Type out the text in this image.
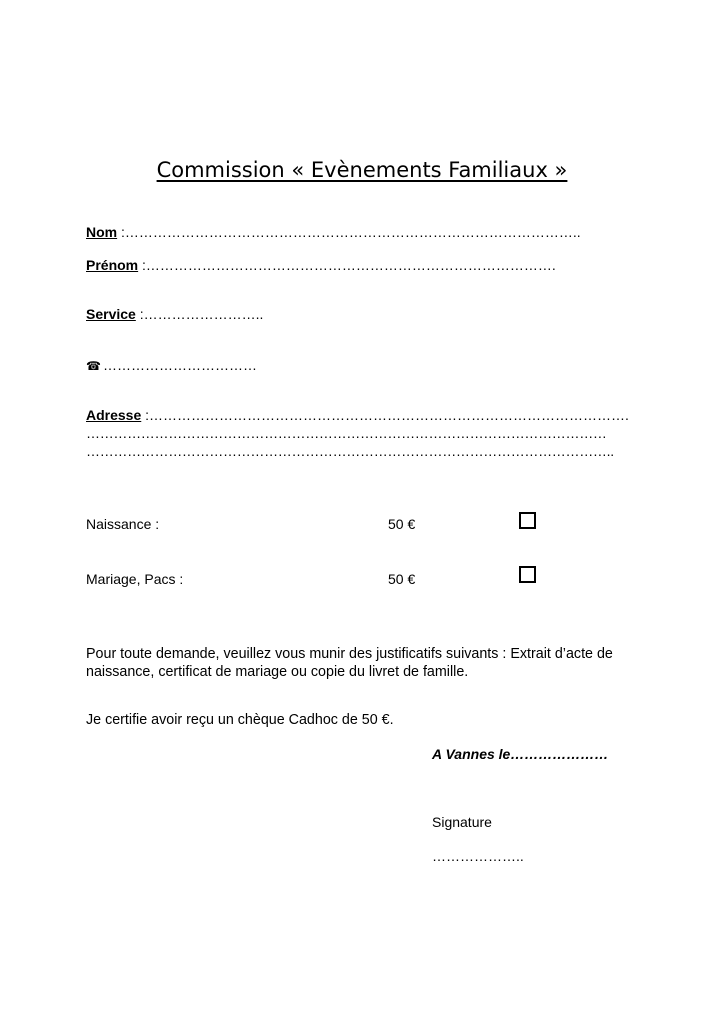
Commission « Evènements Familiaux »
Nom :……………………………………………………………………………………..
Prénom :…………………………………………………………………………….
Service :……………………..
☎ ……………………………
Adresse :………………………………………………………………………………………….
……………………………………………………………………………………………………
……………………………………………………………………………………………………..
Naissance :	50 €
Mariage, Pacs :	50 €
Pour toute demande, veuillez vous munir des justificatifs suivants : Extrait d’acte de naissance, certificat de mariage ou copie du livret de famille.
Je certifie avoir reçu un chèque Cadhoc de 50 €.
A Vannes le…………………
Signature
………………..
